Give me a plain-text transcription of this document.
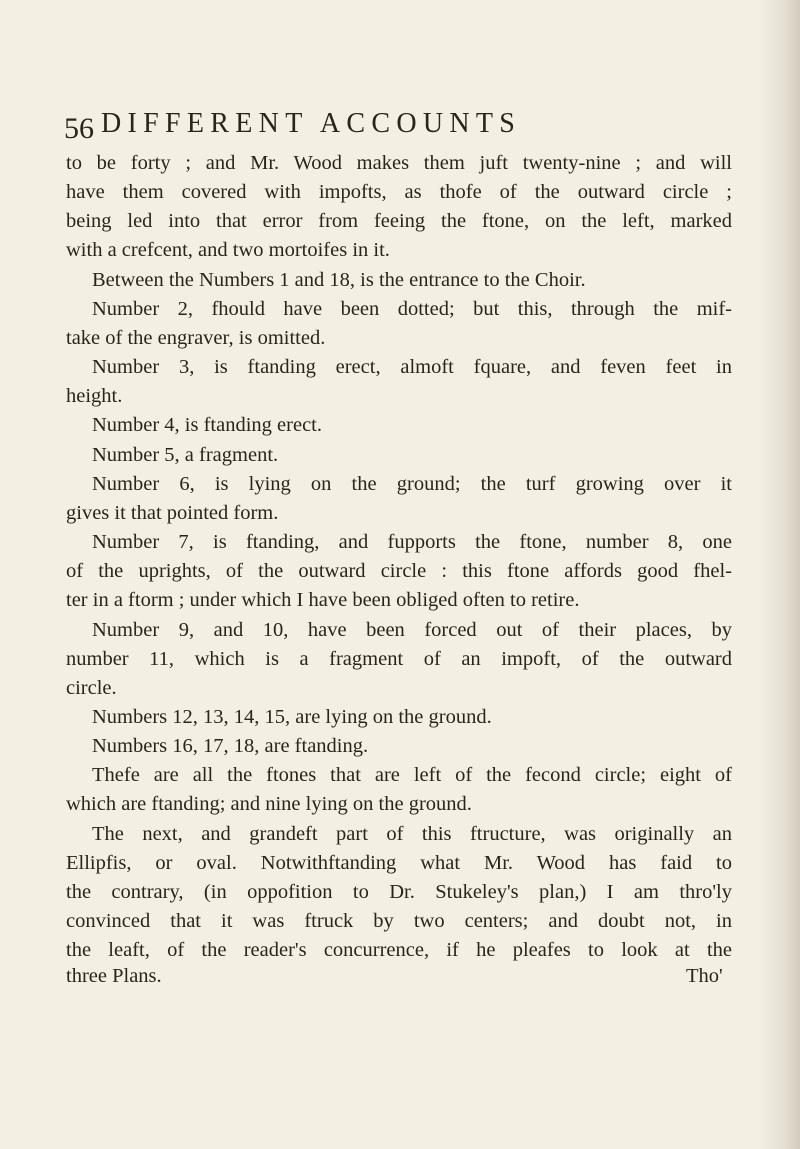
56 DIFFERENT ACCOUNTS
to be forty ; and Mr. Wood makes them juft twenty-nine ; and will
have them covered with impofts, as thofe of the outward circle ;
being led into that error from feeing the ftone, on the left, marked
with a crefcent, and two mortoifes in it.
Between the Numbers 1 and 18, is the entrance to the Choir.
Number 2, fhould have been dotted; but this, through the mif-
take of the engraver, is omitted.
Number 3, is ftanding erect, almoft fquare, and feven feet in
height.
Number 4, is ftanding erect.
Number 5, a fragment.
Number 6, is lying on the ground; the turf growing over it
gives it that pointed form.
Number 7, is ftanding, and fupports the ftone, number 8, one
of the uprights, of the outward circle : this ftone affords good fhel-
ter in a ftorm ; under which I have been obliged often to retire.
Number 9, and 10, have been forced out of their places, by
number 11, which is a fragment of an impoft, of the outward
circle.
Numbers 12, 13, 14, 15, are lying on the ground.
Numbers 16, 17, 18, are ftanding.
Thefe are all the ftones that are left of the fecond circle; eight of
which are ftanding; and nine lying on the ground.
The next, and grandeft part of this ftructure, was originally an
Ellipfis, or oval. Notwithftanding what Mr. Wood has faid to
the contrary, (in oppofition to Dr. Stukeley's plan,) I am thro'ly
convinced that it was ftruck by two centers; and doubt not, in
the leaft, of the reader's concurrence, if he pleafes to look at the
three Plans.	Tho'
